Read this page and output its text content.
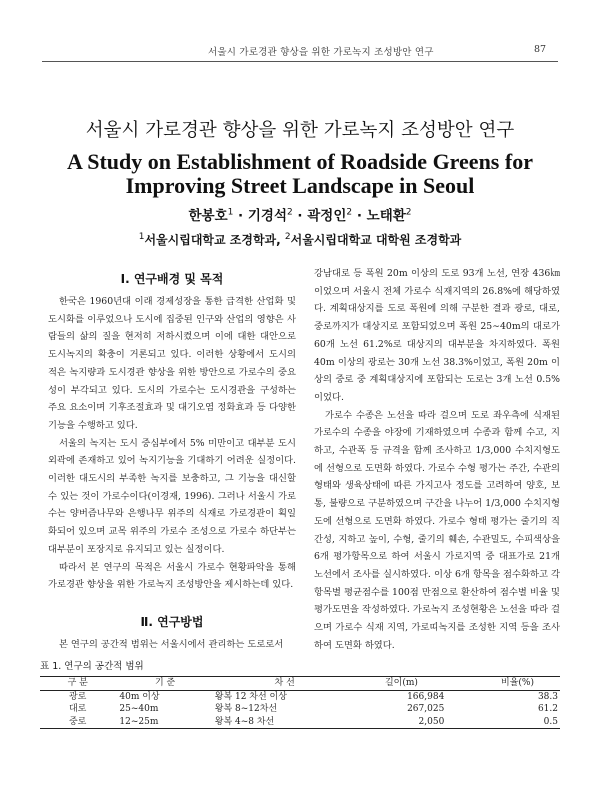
서울시 가로경관 향상을 위한 가로녹지 조성방안 연구	87
서울시 가로경관 향상을 위한 가로녹지 조성방안 연구
A Study on Establishment of Roadside Greens for Improving Street Landscape in Seoul
한봉호$^1$ · 기경석$^2$ · 곽정인$^2$ · 노태환$^2$
$^1$서울시립대학교 조경학과, $^2$서울시립대학교 대학원 조경학과
Ⅰ. 연구배경 및 목적

한국은 1960년대 이래 경제성장을 통한 급격한 산업화 및 도시화를 이루었으나 도시에 집중된 인구와 산업의 영향은 사람들의 삶의 질을 현저히 저하시켰으며 이에 대한 대안으로 도시녹지의 확충이 거론되고 있다. 이러한 상황에서 도시의 적은 녹지량과 도시경관 향상을 위한 방안으로 가로수의 중요성이 부각되고 있다. 도시의 가로수는 도시경관을 구성하는 주요 요소이며 기후조절효과 및 대기오염 정화효과 등 다양한 기능을 수행하고 있다.

서울의 녹지는 도시 중심부에서 5% 미만이고 대부분 도시외곽에 존재하고 있어 녹지기능을 기대하기 어려운 실정이다. 이러한 대도시의 부족한 녹지를 보충하고, 그 기능을 대신할 수 있는 것이 가로수이다(이경재, 1996). 그러나 서울시 가로수는 양버즘나무와 은행나무 위주의 식재로 가로경관이 획일화되어 있으며 교목 위주의 가로수 조성으로 가로수 하단부는 대부분이 포장지로 유지되고 있는 실정이다.

따라서 본 연구의 목적은 서울시 가로수 현황파악을 통해 가로경관 향상을 위한 가로녹지 조성방안을 제시하는데 있다.

Ⅱ. 연구방법

본 연구의 공간적 범위는 서울시에서 관리하는 도로로서

강남대로 등 폭원 20m 이상의 도로 93개 노선, 연장 436㎞이었으며 서울시 전체 가로수 식재지역의 26.8%에 해당하였다. 계획대상지를 도로 폭원에 의해 구분한 결과 광로, 대로, 중로까지가 대상지로 포함되었으며 폭원 25∼40m의 대로가 60개 노선 61.2%로 대상지의 대부분을 차지하였다. 폭원 40m 이상의 광로는 30개 노선 38.3%이었고, 폭원 20m 이상의 중로 중 계획대상지에 포함되는 도로는 3개 노선 0.5%이었다.

가로수 수종은 노선을 따라 걸으며 도로 좌우측에 식재된 가로수의 수종을 야장에 기재하였으며 수종과 함께 수고, 지하고, 수관폭 등 규격을 함께 조사하고 1/3,000 수치지형도에 선형으로 도면화 하였다. 가로수 수형 평가는 주간, 수관의 형태와 생육상태에 따른 가지고사 정도를 고려하여 양호, 보통, 불량으로 구분하였으며 구간을 나누어 1/3,000 수치지형도에 선형으로 도면화 하였다. 가로수 형태 평가는 줄기의 직간성, 지하고 높이, 수형, 줄기의 훼손, 수관밀도, 수피색상을 6개 평가항목으로 하여 서울시 가로지역 중 대표가로 21개 노선에서 조사를 실시하였다. 이상 6개 항목을 점수화하고 각 항목별 평균점수를 100점 만점으로 환산하여 점수별 비율 및 평가도면을 작성하였다. 가로녹지 조성현황은 노선을 따라 걸으며 가로수 식재 지역, 가로띠녹지를 조성한 지역 등을 조사하여 도면화 하였다.

표 1. 연구의 공간적 범위
구 분	기 준	차 선	길이(m)	비율(%)
광로	40m 이상	왕복 12 차선 이상	166,984	38.3
대로	25~40m	왕복 8~12차선	267,025	61.2
중로	12~25m	왕복 4~8 차선	2,050	0.5
